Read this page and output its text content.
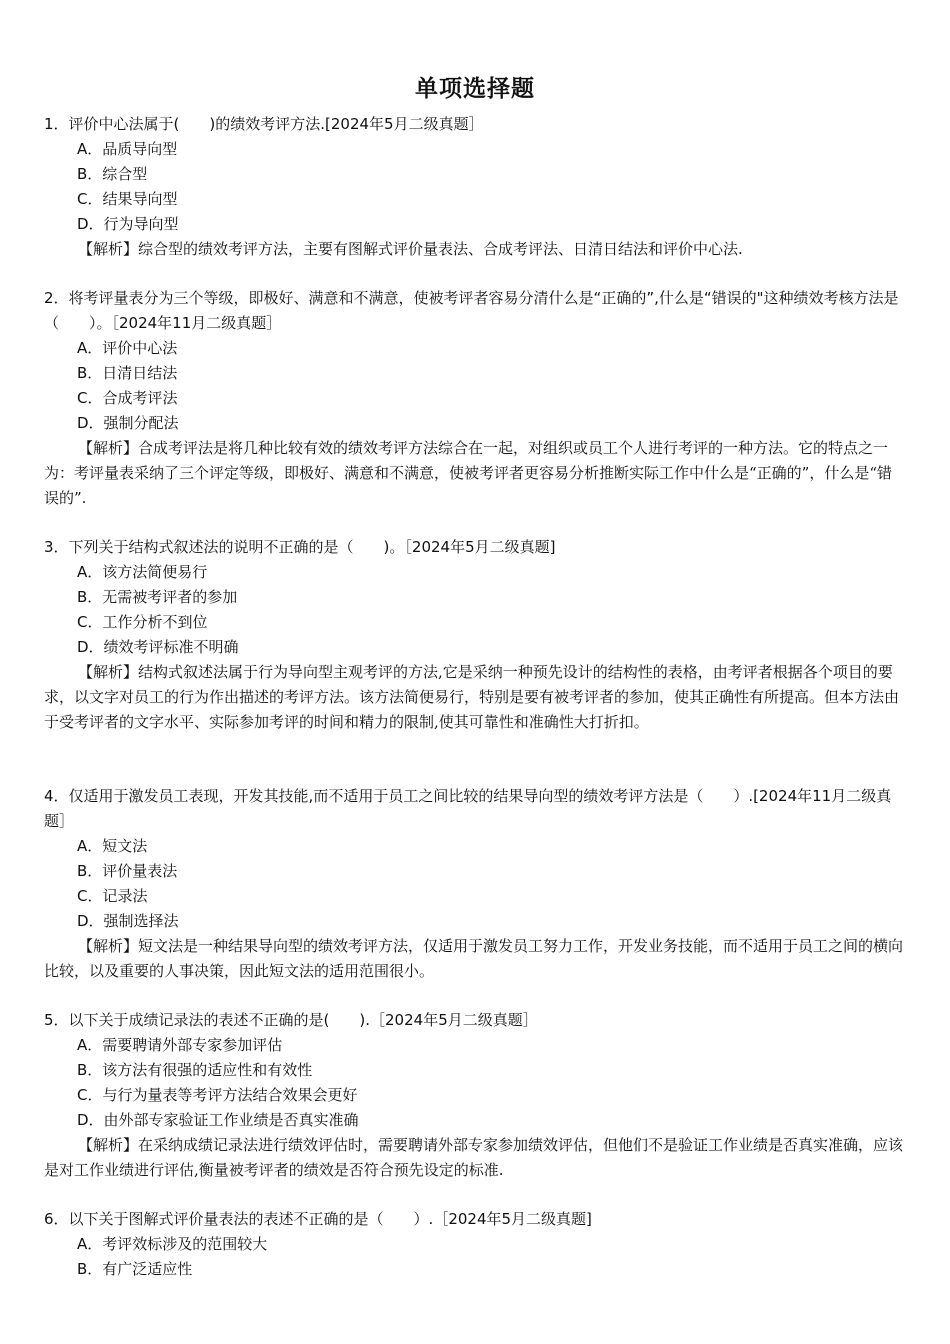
单项选择题

1．评价中心法属于(　　)的绩效考评方法.[2024年5月二级真题］

A．品质导向型

B．综合型

C．结果导向型

D．行为导向型

【解析】综合型的绩效考评方法，主要有图解式评价量表法、合成考评法、日清日结法和评价中心法.

2．将考评量表分为三个等级，即极好、满意和不满意，使被考评者容易分清什么是“正确的”,什么是“错误的"这种绩效考核方法是（　　）。［2024年11月二级真题］

A．评价中心法

B．日清日结法

C．合成考评法

D．强制分配法

【解析】合成考评法是将几种比较有效的绩效考评方法综合在一起，对组织或员工个人进行考评的一种方法。它的特点之一为：考评量表采纳了三个评定等级，即极好、满意和不满意，使被考评者更容易分析推断实际工作中什么是“正确的”，什么是“错误的”.

3．下列关于结构式叙述法的说明不正确的是（　　)。［2024年5月二级真题]

A．该方法简便易行

B．无需被考评者的参加

C．工作分析不到位

D．绩效考评标准不明确

【解析】结构式叙述法属于行为导向型主观考评的方法,它是采纳一种预先设计的结构性的表格，由考评者根据各个项目的要求，以文字对员工的行为作出描述的考评方法。该方法简便易行，特别是要有被考评者的参加，使其正确性有所提高。但本方法由于受考评者的文字水平、实际参加考评的时间和精力的限制,使其可靠性和准确性大打折扣。

4．仅适用于激发员工表现，开发其技能,而不适用于员工之间比较的结果导向型的绩效考评方法是（　　）.[2024年11月二级真题］

A．短文法

B．评价量表法

C．记录法

D．强制选择法

【解析】短文法是一种结果导向型的绩效考评方法，仅适用于激发员工努力工作，开发业务技能，而不适用于员工之间的横向比较，以及重要的人事决策，因此短文法的适用范围很小。

5．以下关于成绩记录法的表述不正确的是(　　).［2024年5月二级真题］

A．需要聘请外部专家参加评估

B．该方法有很强的适应性和有效性

C．与行为量表等考评方法结合效果会更好

D．由外部专家验证工作业绩是否真实准确

【解析】在采纳成绩记录法进行绩效评估时，需要聘请外部专家参加绩效评估，但他们不是验证工作业绩是否真实准确，应该是对工作业绩进行评估,衡量被考评者的绩效是否符合预先设定的标准.

6．以下关于图解式评价量表法的表述不正确的是（　　）.［2024年5月二级真题]

A．考评效标涉及的范围较大

B．有广泛适应性
